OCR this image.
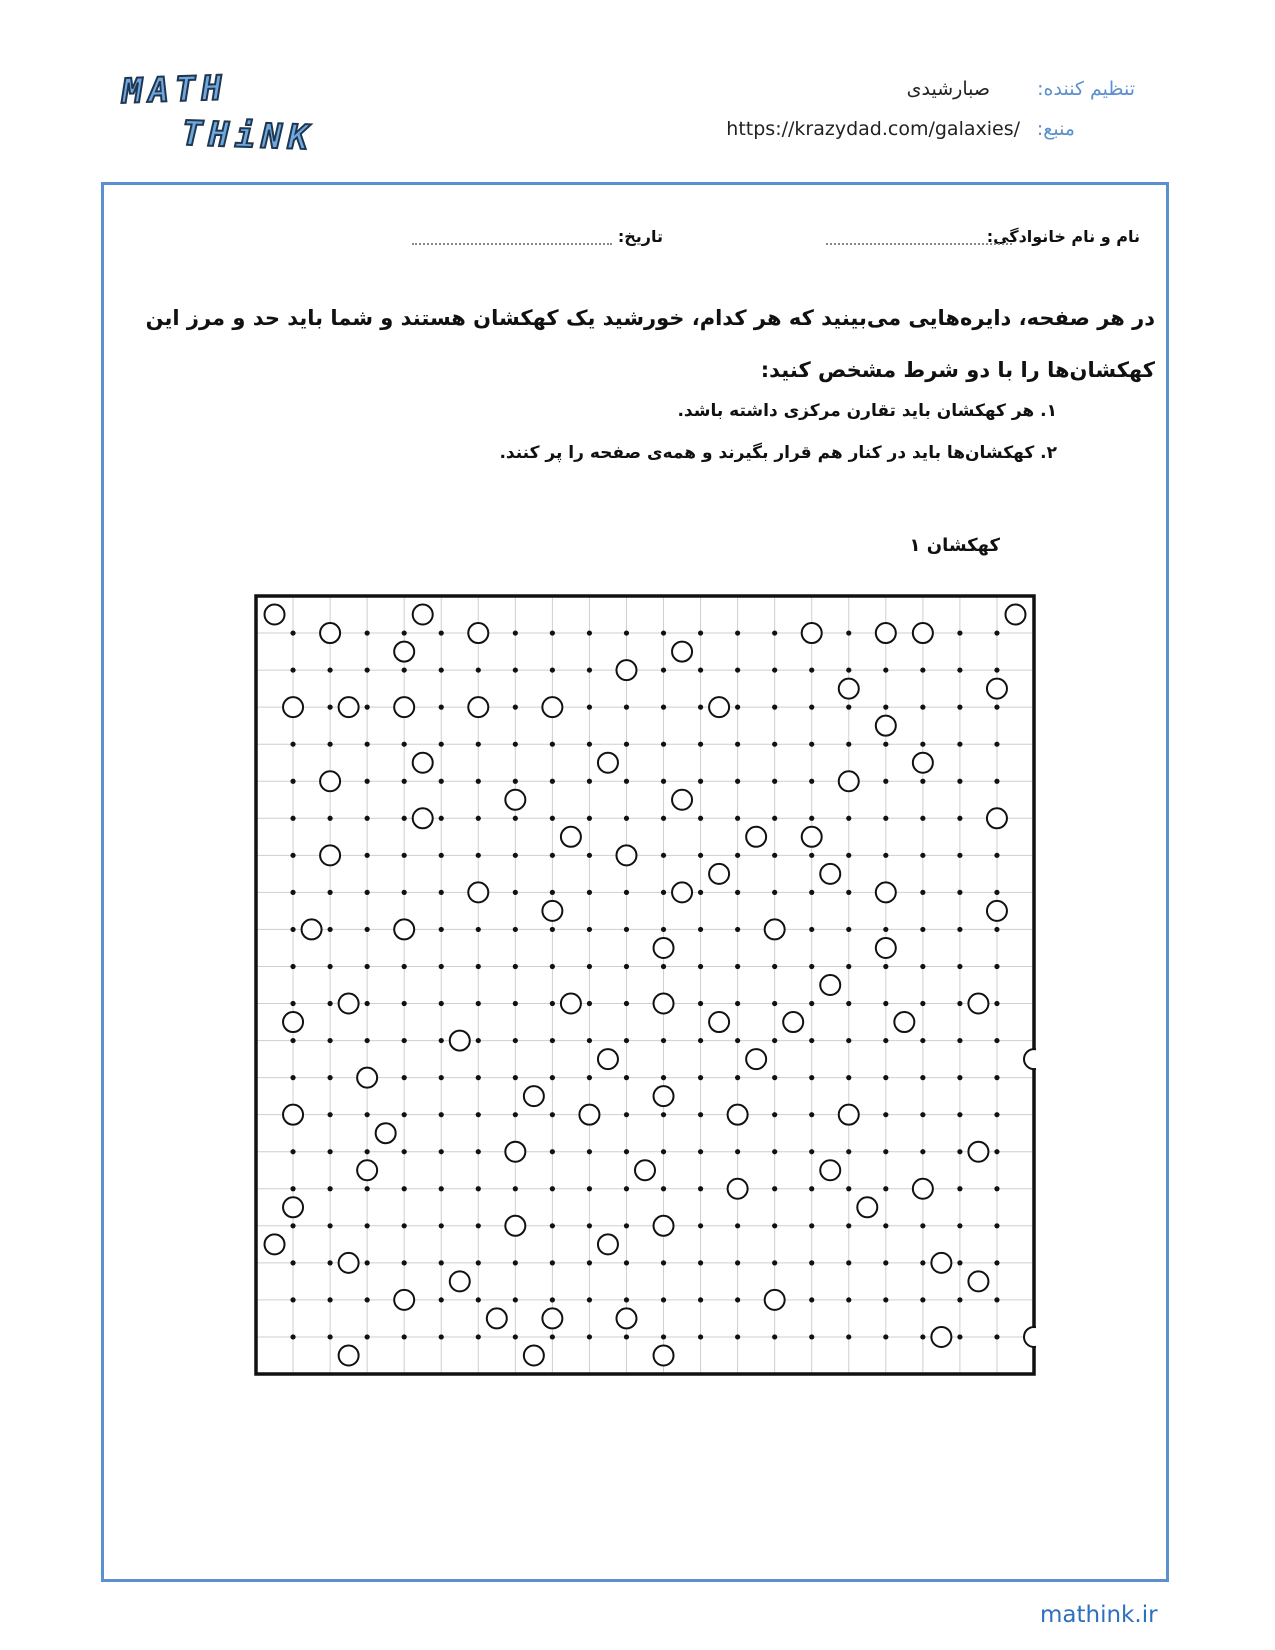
MATH
THiNK
تنظیم کننده:
صبارشیدی
منبع:
https://krazydad.com/galaxies/
نام و نام خانوادگی:
تاریخ:
در هر صفحه، دایره‌هایی می‌بینید که هر کدام، خورشید یک کهکشان هستند و شما باید حد و مرز این کهکشان‌ها را با دو شرط مشخص کنید:
۱. هر کهکشان باید تقارن مرکزی داشته باشد.
۲. کهکشان‌ها باید در کنار هم قرار بگیرند و همه‌ی صفحه را پر کنند.
کهکشان ۱
mathink.ir
